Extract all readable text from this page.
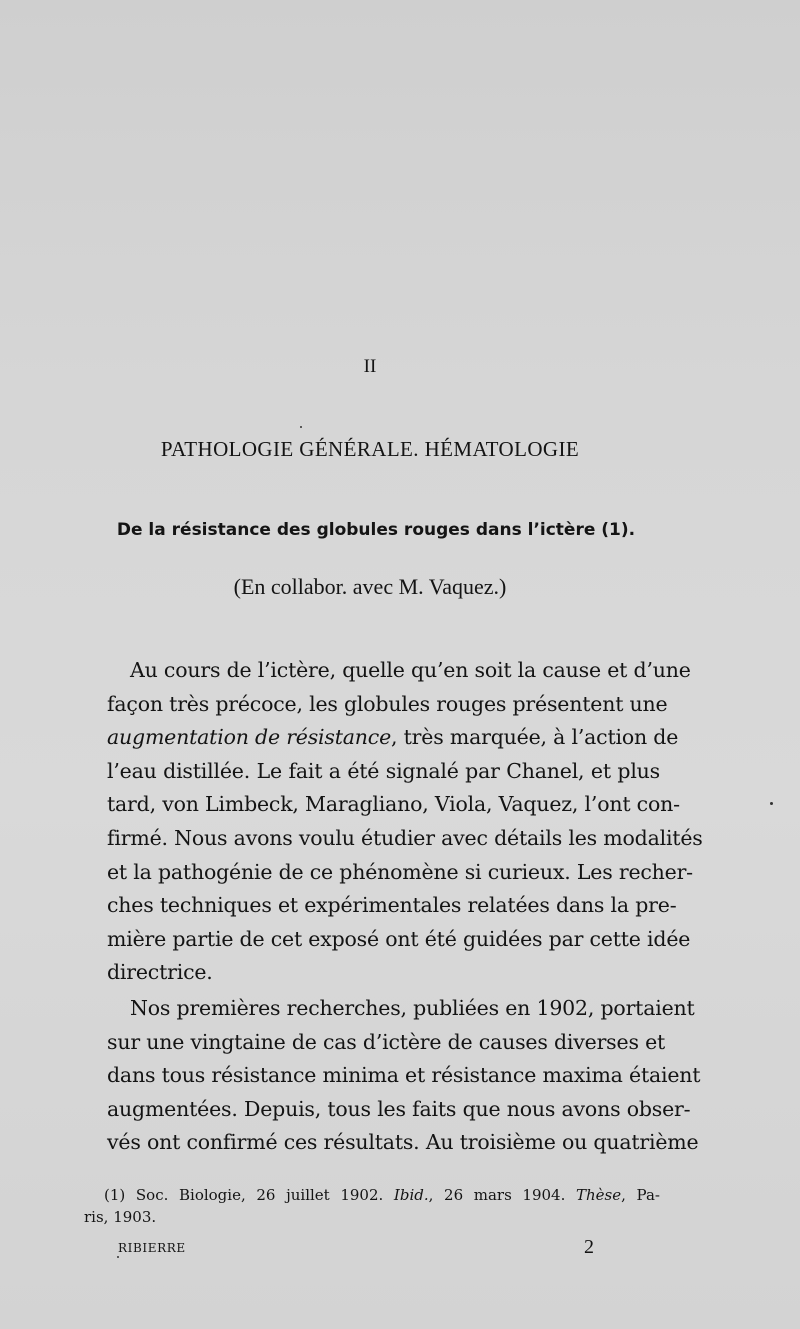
II
PATHOLOGIE GÉNÉRALE. HÉMATOLOGIE
De la résistance des globules rouges dans l’ictère (1).
(En collabor. avec M. Vaquez.)

Au cours de l’ictère, quelle qu’en soit la cause et d’une
façon très précoce, les globules rouges présentent une
augmentation de résistance, très marquée, à l’action de
l’eau distillée. Le fait a été signalé par Chanel, et plus
tard, von Limbeck, Maragliano, Viola, Vaquez, l’ont con-
firmé. Nous avons voulu étudier avec détails les modalités
et la pathogénie de ce phénomène si curieux. Les recher-
ches techniques et expérimentales relatées dans la pre-
mière partie de cet exposé ont été guidées par cette idée
directrice.

Nos premières recherches, publiées en 1902, portaient
sur une vingtaine de cas d’ictère de causes diverses et
dans tous résistance minima et résistance maxima étaient
augmentées. Depuis, tous les faits que nous avons obser-
vés ont confirmé ces résultats. Au troisième ou quatrième

(1) Soc. Biologie, 26 juillet 1902. Ibid., 26 mars 1904. Thèse, Pa-
ris, 1903.
RIBIERRE	2
